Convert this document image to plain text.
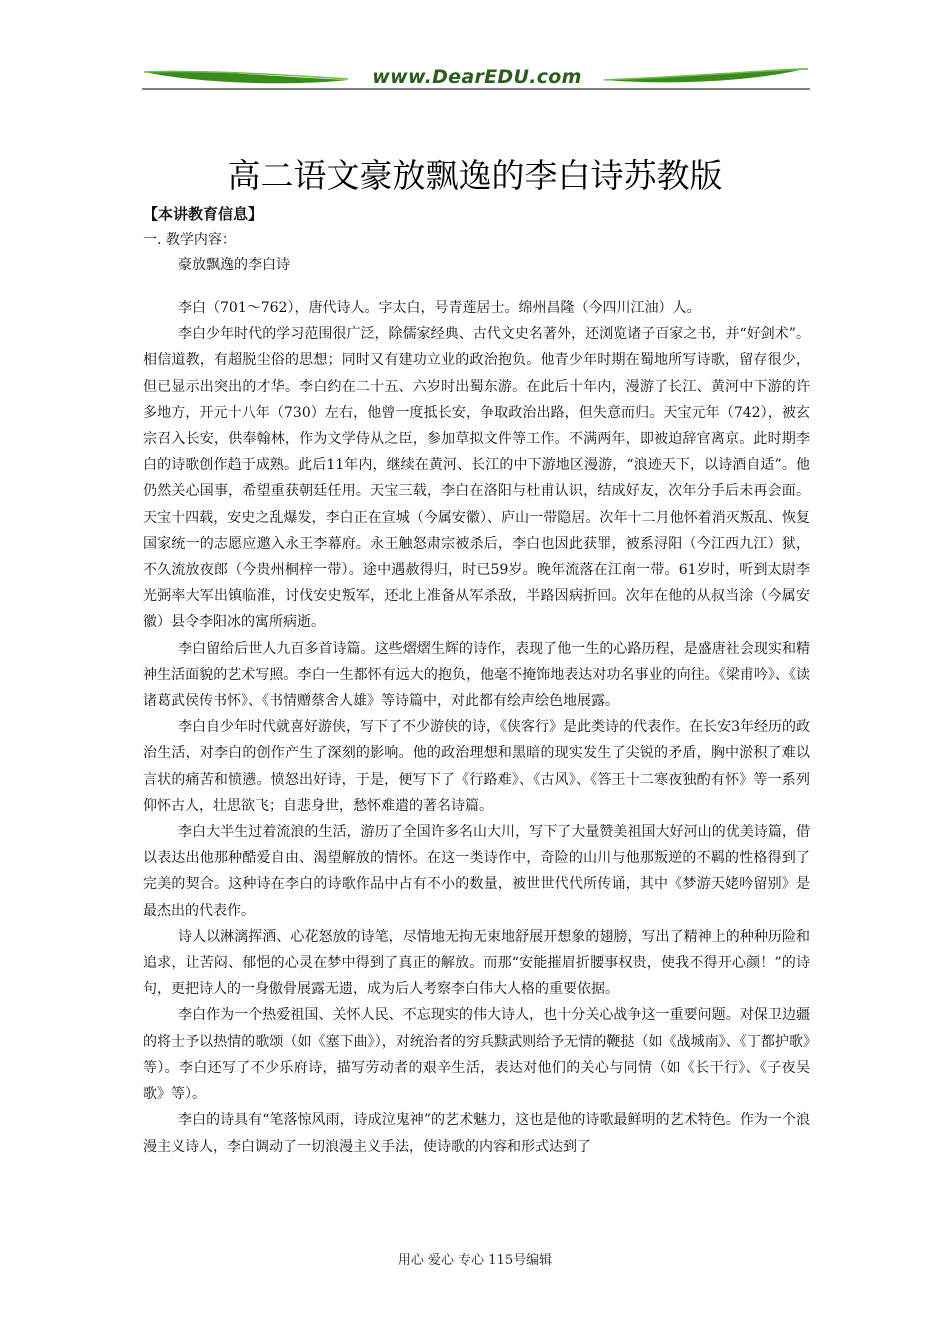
www.DearEDU.com
高二语文豪放飘逸的李白诗苏教版
【本讲教育信息】
一. 教学内容：
豪放飘逸的李白诗

李白（701～762），唐代诗人。字太白，号青莲居士。绵州昌隆（今四川江油）人。

李白少年时代的学习范围很广泛，除儒家经典、古代文史名著外，还浏览诸子百家之书，并“好剑术”。相信道教，有超脱尘俗的思想；同时又有建功立业的政治抱负。他青少年时期在蜀地所写诗歌，留存很少，但已显示出突出的才华。李白约在二十五、六岁时出蜀东游。在此后十年内，漫游了长江、黄河中下游的许多地方，开元十八年（730）左右，他曾一度抵长安，争取政治出路，但失意而归。天宝元年（742），被玄宗召入长安，供奉翰林，作为文学侍从之臣，参加草拟文件等工作。不满两年，即被迫辞官离京。此时期李白的诗歌创作趋于成熟。此后11年内，继续在黄河、长江的中下游地区漫游，“浪迹天下，以诗酒自适”。他仍然关心国事，希望重获朝廷任用。天宝三载，李白在洛阳与杜甫认识，结成好友，次年分手后未再会面。天宝十四载，安史之乱爆发，李白正在宣城（今属安徽）、庐山一带隐居。次年十二月他怀着消灭叛乱、恢复国家统一的志愿应邀入永王李幕府。永王触怒肃宗被杀后，李白也因此获罪，被系浔阳（今江西九江）狱，不久流放夜郎（今贵州桐梓一带）。途中遇赦得归，时已59岁。晚年流落在江南一带。61岁时，听到太尉李光弼率大军出镇临淮，讨伐安史叛军，还北上准备从军杀敌，半路因病折回。次年在他的从叔当涂（今属安徽）县令李阳冰的寓所病逝。

李白留给后世人九百多首诗篇。这些熠熠生辉的诗作，表现了他一生的心路历程，是盛唐社会现实和精神生活面貌的艺术写照。李白一生都怀有远大的抱负，他毫不掩饰地表达对功名事业的向往。《梁甫吟》、《读诸葛武侯传书怀》、《书情赠蔡舍人雄》等诗篇中，对此都有绘声绘色地展露。

李白自少年时代就喜好游侠，写下了不少游侠的诗，《侠客行》是此类诗的代表作。在长安3年经历的政治生活，对李白的创作产生了深刻的影响。他的政治理想和黑暗的现实发生了尖锐的矛盾，胸中淤积了难以言状的痛苦和愤懑。愤怒出好诗，于是，便写下了《行路难》、《古风》、《答王十二寒夜独酌有怀》等一系列仰怀古人，壮思欲飞；自悲身世，愁怀难遣的著名诗篇。

李白大半生过着流浪的生活，游历了全国许多名山大川，写下了大量赞美祖国大好河山的优美诗篇，借以表达出他那种酷爱自由、渴望解放的情怀。在这一类诗作中，奇险的山川与他那叛逆的不羁的性格得到了完美的契合。这种诗在李白的诗歌作品中占有不小的数量，被世世代代所传诵，其中《梦游天姥吟留别》是最杰出的代表作。

诗人以淋漓挥洒、心花怒放的诗笔，尽情地无拘无束地舒展开想象的翅膀，写出了精神上的种种历险和追求，让苦闷、郁悒的心灵在梦中得到了真正的解放。而那“安能摧眉折腰事权贵，使我不得开心颜！”的诗句，更把诗人的一身傲骨展露无遗，成为后人考察李白伟大人格的重要依据。

李白作为一个热爱祖国、关怀人民、不忘现实的伟大诗人，也十分关心战争这一重要问题。对保卫边疆的将士予以热情的歌颂（如《塞下曲》），对统治者的穷兵黩武则给予无情的鞭挞（如《战城南》、《丁都护歌》等）。李白还写了不少乐府诗，描写劳动者的艰辛生活，表达对他们的关心与同情（如《长干行》、《子夜吴歌》等）。

李白的诗具有“笔落惊风雨，诗成泣鬼神”的艺术魅力，这也是他的诗歌最鲜明的艺术特色。作为一个浪漫主义诗人，李白调动了一切浪漫主义手法，使诗歌的内容和形式达到了

用心 爱心 专心 115号编辑
